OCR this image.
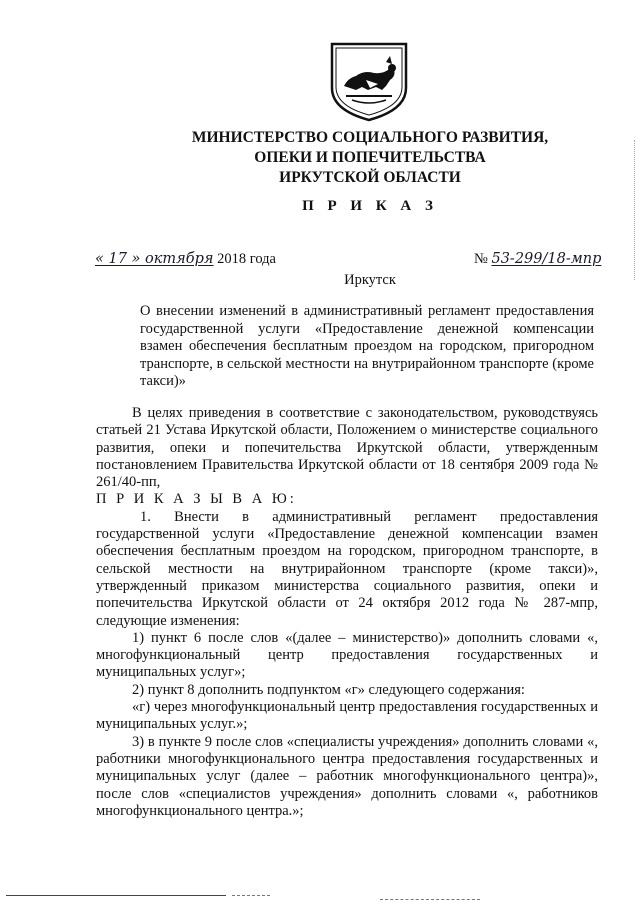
МИНИСТЕРСТВО СОЦИАЛЬНОГО РАЗВИТИЯ,
ОПЕКИ И ПОПЕЧИТЕЛЬСТВА
ИРКУТСКОЙ ОБЛАСТИ
П Р И К А З
« 17 » октября 2018 года	№ 53-299/18-мпр
Иркутск
О внесении изменений в административный регламент предоставления государственной услуги «Предоставление денежной компенсации взамен обеспечения бесплатным проездом на городском, пригородном транспорте, в сельской местности на внутрирайонном транспорте (кроме такси)»

В целях приведения в соответствие с законодательством, руководствуясь статьей 21 Устава Иркутской области, Положением о министерстве социального развития, опеки и попечительства Иркутской области, утвержденным постановлением Правительства Иркутской области от 18 сентября 2009 года № 261/40-пп,

П Р И К А З Ы В А Ю:

1. Внести в административный регламент предоставления государственной услуги «Предоставление денежной компенсации взамен обеспечения бесплатным проездом на городском, пригородном транспорте, в сельской местности на внутрирайонном транспорте (кроме такси)», утвержденный приказом министерства социального развития, опеки и попечительства Иркутской области от 24 октября 2012 года № 287-мпр, следующие изменения:

1) пункт 6 после слов «(далее – министерство)» дополнить словами «, многофункциональный центр предоставления государственных и муниципальных услуг»;

2) пункт 8 дополнить подпунктом «г» следующего содержания:

«г) через многофункциональный центр предоставления государственных и муниципальных услуг.»;

3) в пункте 9 после слов «специалисты учреждения» дополнить словами «, работники многофункционального центра предоставления государственных и муниципальных услуг (далее – работник многофункционального центра)», после слов «специалистов учреждения» дополнить словами «, работников многофункционального центра.»;
